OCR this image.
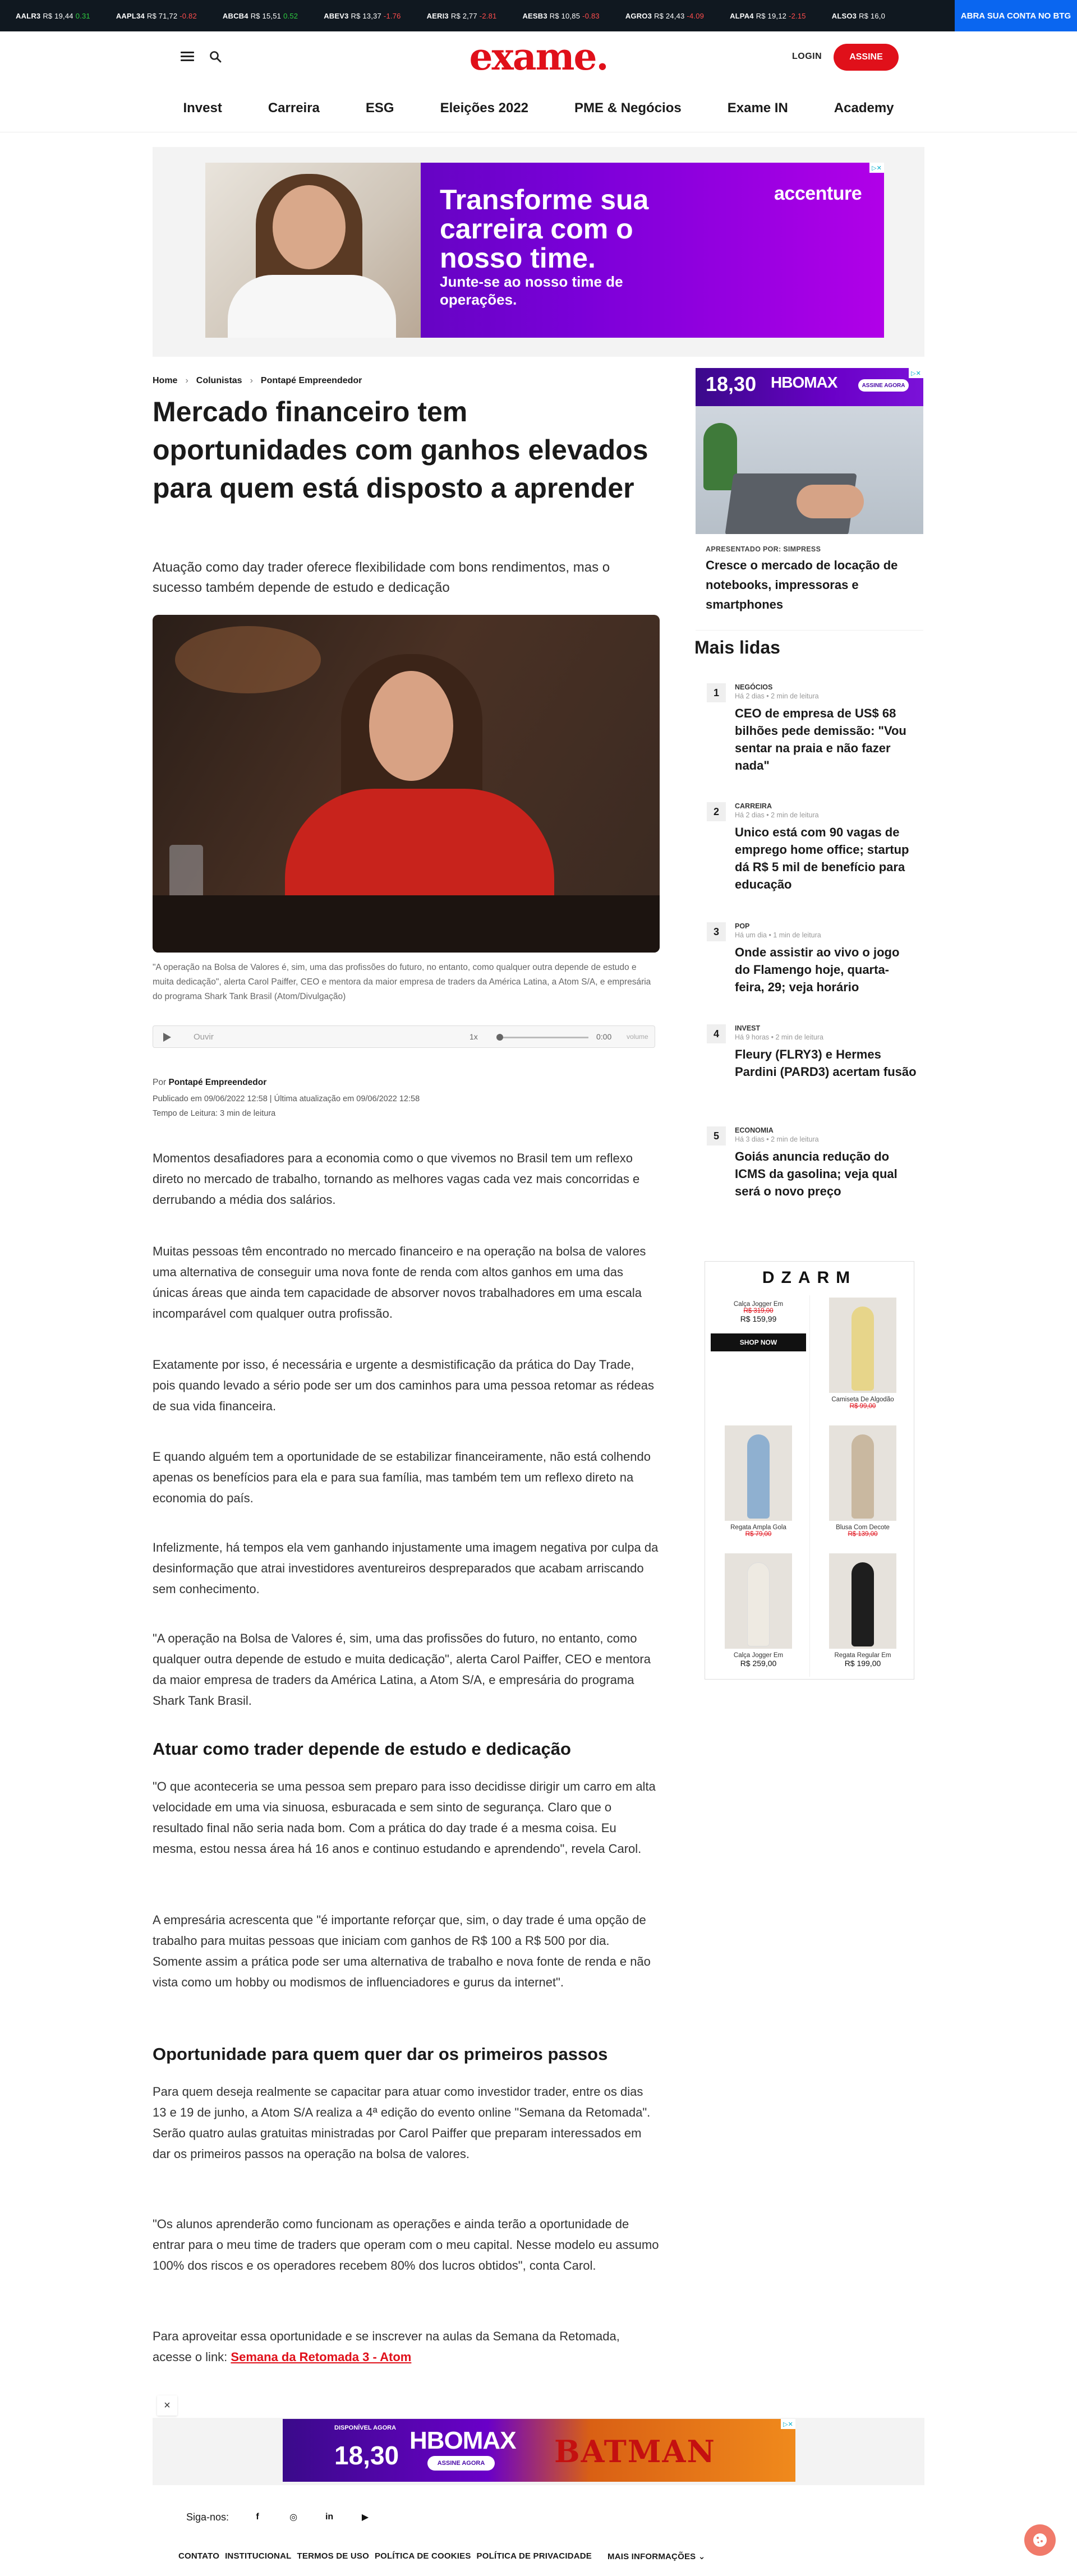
AALR3 R$ 19,44 0.31	AAPL34 R$ 71,72 -0.82	ABCB4 R$ 15,51 0.52	ABEV3 R$ 13,37 -1.76	AERI3 R$ 2,77 -2.81	AESB3 R$ 10,85 -0.83	AGRO3 R$ 24,43 -4.09	ALPA4 R$ 19,12 -2.15	ALSO3 R$ 16,0	ABRA SUA CONTA NO BTG
exame.	LOGIN	ASSINE
Invest	Carreira	ESG	Eleições 2022	PME & Negócios	Exame IN	Academy
Transforme sua carreira com o nosso time.
Junte-se ao nosso time de operações.
accenture
▷✕
Home › Colunistas › Pontapé Empreendedor
Mercado financeiro tem oportunidades com ganhos elevados para quem está disposto a aprender
Atuação como day trader oferece flexibilidade com bons rendimentos, mas o sucesso também depende de estudo e dedicação
"A operação na Bolsa de Valores é, sim, uma das profissões do futuro, no entanto, como qualquer outra depende de estudo e muita dedicação", alerta Carol Paiffer, CEO e mentora da maior empresa de traders da América Latina, a Atom S/A, e empresária do programa Shark Tank Brasil (Atom/Divulgação)
Ouvir	1x	0:00 volume
Por Pontapé Empreendedor
Publicado em 09/06/2022 12:58 | Última atualização em 09/06/2022 12:58
Tempo de Leitura: 3 min de leitura

Momentos desafiadores para a economia como o que vivemos no Brasil tem um reflexo direto no mercado de trabalho, tornando as melhores vagas cada vez mais concorridas e derrubando a média dos salários.

Muitas pessoas têm encontrado no mercado financeiro e na operação na bolsa de valores uma alternativa de conseguir uma nova fonte de renda com altos ganhos em uma das únicas áreas que ainda tem capacidade de absorver novos trabalhadores em uma escala incomparável com qualquer outra profissão.

Exatamente por isso, é necessária e urgente a desmistificação da prática do Day Trade, pois quando levado a sério pode ser um dos caminhos para uma pessoa retomar as rédeas de sua vida financeira.

E quando alguém tem a oportunidade de se estabilizar financeiramente, não está colhendo apenas os benefícios para ela e para sua família, mas também tem um reflexo direto na economia do país.

Infelizmente, há tempos ela vem ganhando injustamente uma imagem negativa por culpa da desinformação que atrai investidores aventureiros despreparados que acabam arriscando sem conhecimento.

"A operação na Bolsa de Valores é, sim, uma das profissões do futuro, no entanto, como qualquer outra depende de estudo e muita dedicação", alerta Carol Paiffer, CEO e mentora da maior empresa de traders da América Latina, a Atom S/A, e empresária do programa Shark Tank Brasil.

Atuar como trader depende de estudo e dedicação

"O que aconteceria se uma pessoa sem preparo para isso decidisse dirigir um carro em alta velocidade em uma via sinuosa, esburacada e sem sinto de segurança. Claro que o resultado final não seria nada bom. Com a prática do day trade é a mesma coisa. Eu mesma, estou nessa área há 16 anos e continuo estudando e aprendendo", revela Carol.

A empresária acrescenta que "é importante reforçar que, sim, o day trade é uma opção de trabalho para muitas pessoas que iniciam com ganhos de R$ 100 a R$ 500 por dia. Somente assim a prática pode ser uma alternativa de trabalho e nova fonte de renda e não vista como um hobby ou modismos de influenciadores e gurus da internet".

Oportunidade para quem quer dar os primeiros passos

Para quem deseja realmente se capacitar para atuar como investidor trader, entre os dias 13 e 19 de junho, a Atom S/A realiza a 4ª edição do evento online "Semana da Retomada". Serão quatro aulas gratuitas ministradas por Carol Paiffer que preparam interessados em dar os primeiros passos na operação na bolsa de valores.

"Os alunos aprenderão como funcionam as operações e ainda terão a oportunidade de entrar para o meu time de traders que operam com o meu capital. Nesse modelo eu assumo 100% dos riscos e os operadores recebem 80% dos lucros obtidos", conta Carol.

Para aproveitar essa oportunidade e se inscrever na aulas da Semana da Retomada, acesse o link: Semana da Retomada 3 - Atom

18,30 HBOMAX	ASSINE AGORA
▷✕
APRESENTADO POR: SIMPRESS
Cresce o mercado de locação de notebooks, impressoras e smartphones
Mais lidas
1	NEGÓCIOS
Há 2 dias • 2 min de leitura
CEO de empresa de US$ 68 bilhões pede demissão: "Vou sentar na praia e não fazer nada"
2	CARREIRA
Há 2 dias • 2 min de leitura
Unico está com 90 vagas de emprego home office; startup dá R$ 5 mil de benefício para educação
3	POP
Há um dia • 1 min de leitura
Onde assistir ao vivo o jogo do Flamengo hoje, quarta-feira, 29; veja horário
4	INVEST
Há 9 horas • 2 min de leitura
Fleury (FLRY3) e Hermes Pardini (PARD3) acertam fusão
5	ECONOMIA
Há 3 dias • 2 min de leitura
Goiás anuncia redução do ICMS da gasolina; veja qual será o novo preço
DZARM
Calça Jogger Em
R$ 319,00
R$ 159,99
SHOP NOW
Camiseta De Algodão
R$ 99,00
Regata Ampla Gola
R$ 79,00
Blusa Com Decote
R$ 139,00
Calça Jogger Em
R$ 259,00
Regata Regular Em
R$ 199,00
×
DISPONÍVEL AGORA
18,30
HBOMAX
ASSINE AGORA	BATMAN
▷✕
Siga-nos:	f	◎	in	▶
CONTATO INSTITUCIONAL TERMOS DE USO POLÍTICA DE COOKIES POLÍTICA DE PRIVACIDADE MAIS INFORMAÇÕES ⌄
